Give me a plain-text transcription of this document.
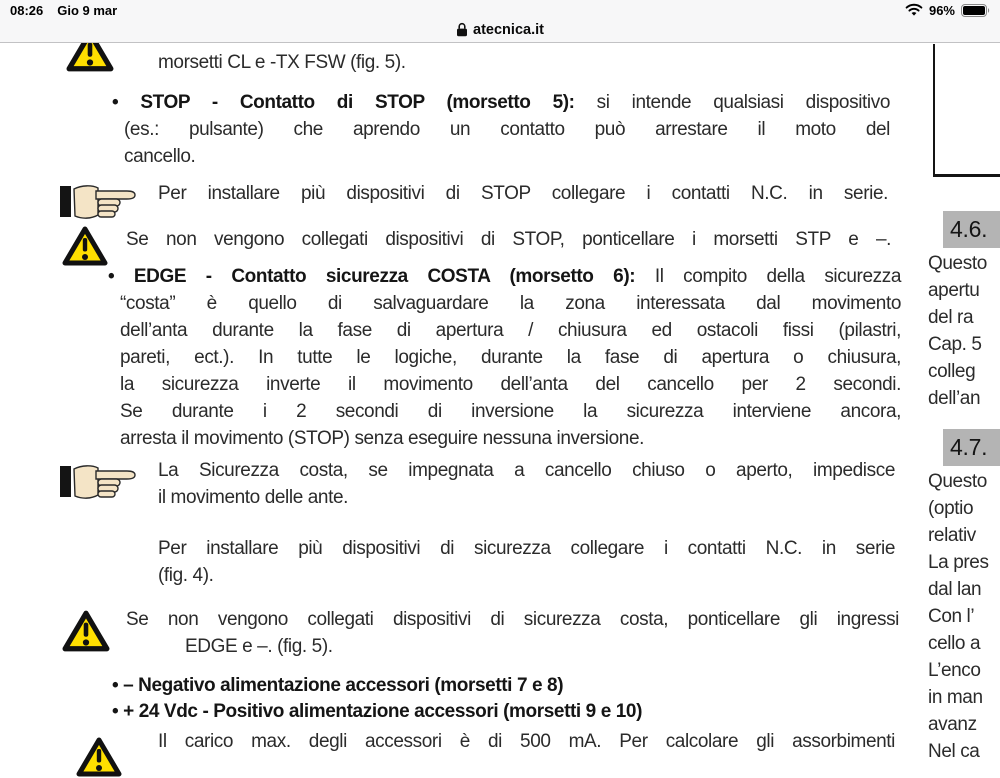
08:26 Gio 9 mar	96%
atecnica.it
morsetti CL e -TX FSW (fig. 5).
• STOP - Contatto di STOP (morsetto 5): si intende qualsiasi dispositivo
(es.: pulsante) che aprendo un contatto può arrestare il moto del
cancello.
Per installare più dispositivi di STOP collegare i contatti N.C. in serie.
Se non vengono collegati dispositivi di STOP, ponticellare i morsetti STP e –.
• EDGE - Contatto sicurezza COSTA (morsetto 6): Il compito della sicurezza
“costa” è quello di salvaguardare la zona interessata dal movimento
dell’anta durante la fase di apertura / chiusura ed ostacoli fissi (pilastri,
pareti, ect.). In tutte le logiche, durante la fase di apertura o chiusura,
la sicurezza inverte il movimento dell’anta del cancello per 2 secondi.
Se durante i 2 secondi di inversione la sicurezza interviene ancora,
arresta il movimento (STOP) senza eseguire nessuna inversione.
La Sicurezza costa, se impegnata a cancello chiuso o aperto, impedisce
il movimento delle ante.
Per installare più dispositivi di sicurezza collegare i contatti N.C. in serie
(fig. 4).
Se non vengono collegati dispositivi di sicurezza costa, ponticellare gli ingressi
EDGE e –. (fig. 5).
• – Negativo alimentazione accessori (morsetti 7 e 8)
• + 24 Vdc - Positivo alimentazione accessori (morsetti 9 e 10)
Il carico max. degli accessori è di 500 mA. Per calcolare gli assorbimenti
4.6.
Questo
apertu
del ra
Cap. 5
colleg
dell’an
4.7.
Questo
(optio
relativ
La pres
dal lan
Con l’
cello a
L’enco
in man
avanz
Nel ca
